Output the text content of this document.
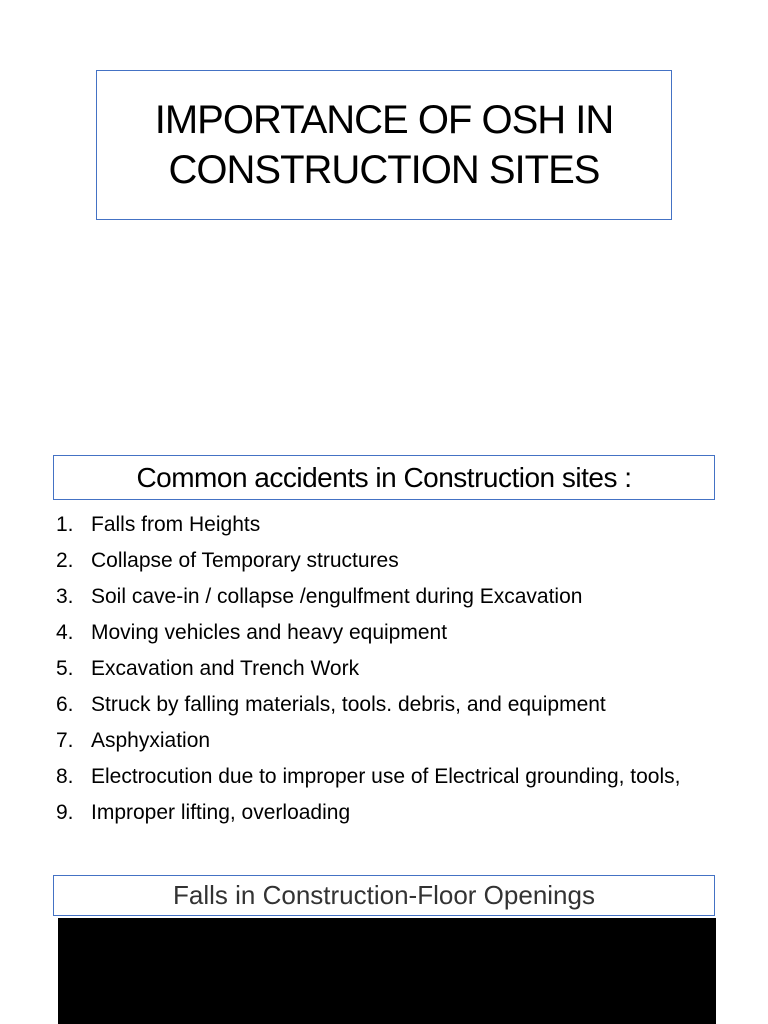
IMPORTANCE OF OSH IN
CONSTRUCTION SITES
Common accidents in Construction sites :
1. Falls from Heights
2. Collapse of Temporary structures
3. Soil cave-in / collapse /engulfment during Excavation
4. Moving vehicles and heavy equipment
5. Excavation and Trench Work
6. Struck by falling materials, tools. debris, and equipment
7. Asphyxiation
8. Electrocution due to improper use of Electrical grounding, tools,
9. Improper lifting, overloading
Falls in Construction-Floor Openings
